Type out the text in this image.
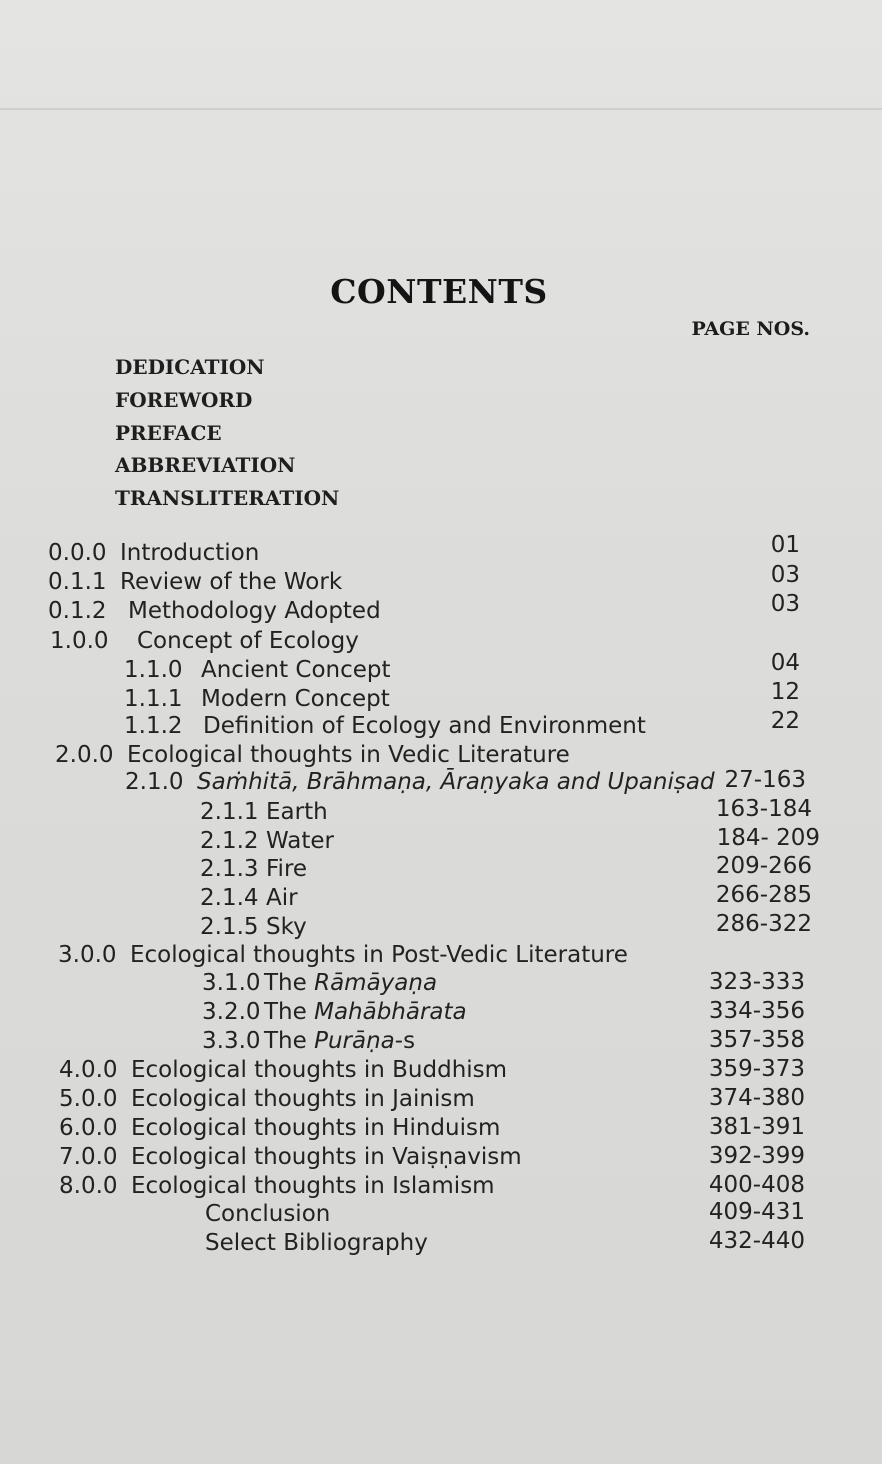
CONTENTS
PAGE NOS.
DEDICATION
FOREWORD
PREFACE
ABBREVIATION
TRANSLITERATION
0.0.0 Introduction	01
0.1.1 Review of the Work	03
0.1.2 Methodology Adopted	03
1.0.0 Concept of Ecology
1.1.0 Ancient Concept	04
1.1.1 Modern Concept	12
1.1.2 Definition of Ecology and Environment	22
2.0.0 Ecological thoughts in Vedic Literature
2.1.0 Saṁhitā, Brāhmaṇa, Āraṇyaka and Upaniṣad 27-163
2.1.1 Earth	163-184
2.1.2 Water	184- 209
2.1.3 Fire	209-266
2.1.4 Air	266-285
2.1.5 Sky	286-322
3.0.0 Ecological thoughts in Post-Vedic Literature
3.1.0 The Rāmāyaṇa	323-333
3.2.0 The Mahābhārata	334-356
3.3.0 The Purāṇa-s	357-358
4.0.0 Ecological thoughts in Buddhism	359-373
5.0.0 Ecological thoughts in Jainism	374-380
6.0.0 Ecological thoughts in Hinduism	381-391
7.0.0 Ecological thoughts in Vaiṣṇavism	392-399
8.0.0 Ecological thoughts in Islamism	400-408
Conclusion	409-431
Select Bibliography	432-440
